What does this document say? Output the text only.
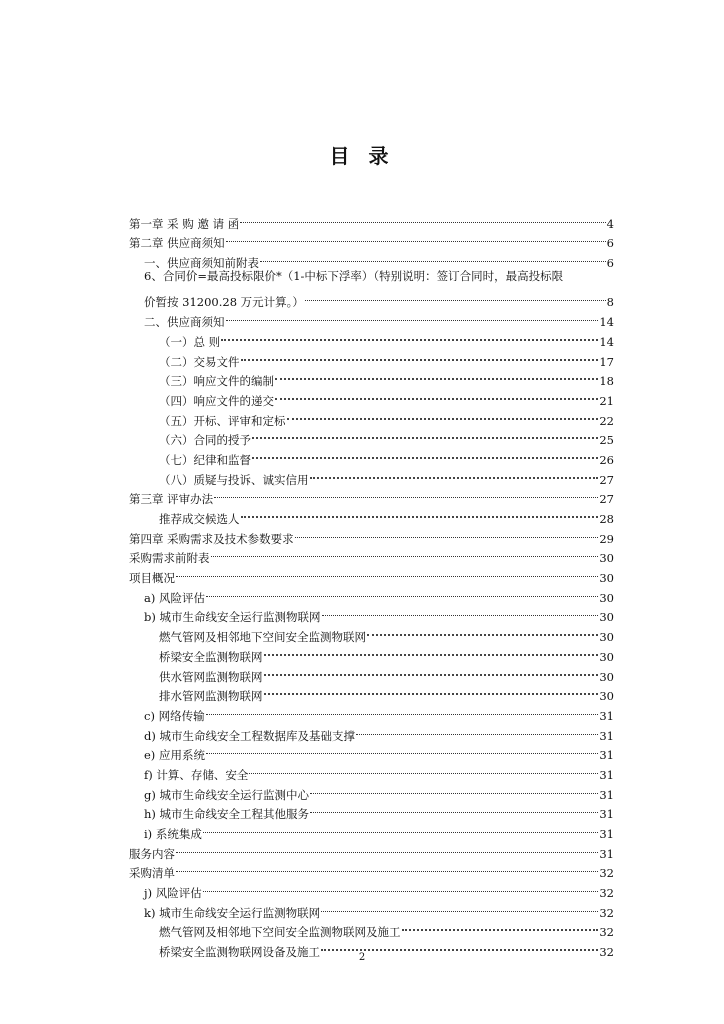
目 录
第一章 采 购 邀 请 函	4
第二章 供应商须知	6
一、供应商须知前附表	6
6、合同价=最高投标限价*（1-中标下浮率）（特别说明：签订合同时，最高投标限
价暂按 31200.28 万元计算。）	8
二、供应商须知	14
（一）总 则	14
（二）交易文件	17
（三）响应文件的编制	18
（四）响应文件的递交	21
（五）开标、评审和定标	22
（六）合同的授予	25
（七）纪律和监督	26
（八）质疑与投诉、诚实信用	27
第三章 评审办法	27
推荐成交候选人	28
第四章 采购需求及技术参数要求	29
采购需求前附表	30
项目概况	30
a) 风险评估	30
b) 城市生命线安全运行监测物联网	30
燃气管网及相邻地下空间安全监测物联网	30
桥梁安全监测物联网	30
供水管网监测物联网	30
排水管网监测物联网	30
c) 网络传输	31
d) 城市生命线安全工程数据库及基础支撑	31
e) 应用系统	31
f) 计算、存储、安全	31
g) 城市生命线安全运行监测中心	31
h) 城市生命线安全工程其他服务	31
i) 系统集成	31
服务内容	31
采购清单	32
j) 风险评估	32
k) 城市生命线安全运行监测物联网	32
燃气管网及相邻地下空间安全监测物联网及施工	32
桥梁安全监测物联网设备及施工	32
2
